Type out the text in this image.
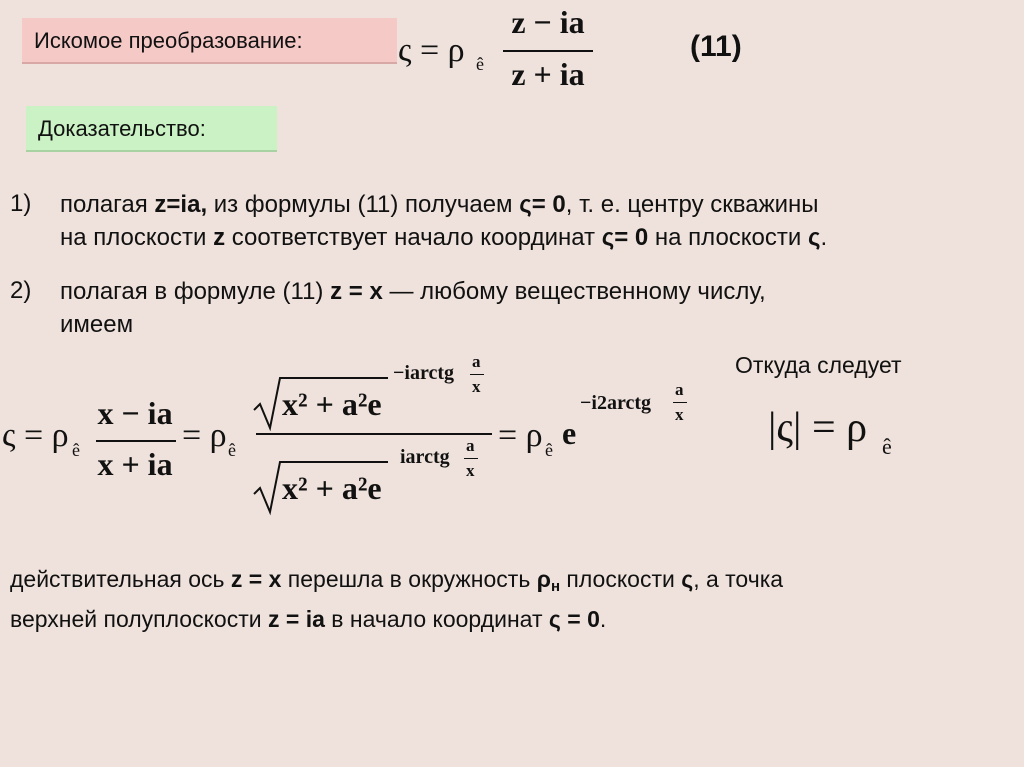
Искомое преобразование:	ς = ρ ê
z − ia
z + ia
(11)
Доказательство:
1) полагая z=ia, из формулы (11) получаем ς= 0, т. е. центру скважины
на плоскости z соответствует начало координат ς= 0 на плоскости ς.
2) полагая в формуле (11) z = x — любому вещественному числу,
имеем
Откуда следует
ς = ρ ê
x − ia
x + ia
= ρ ê
x² + a²e
−iarctg
a
x
x² + a²e
iarctg
a
x
= ρ ê e
−i2arctg
a
x |ς| = ρ ê
действительная ось z = x перешла в окружность ρн плоскости ς, а точка
верхней полуплоскости z = ia в начало координат ς = 0.
